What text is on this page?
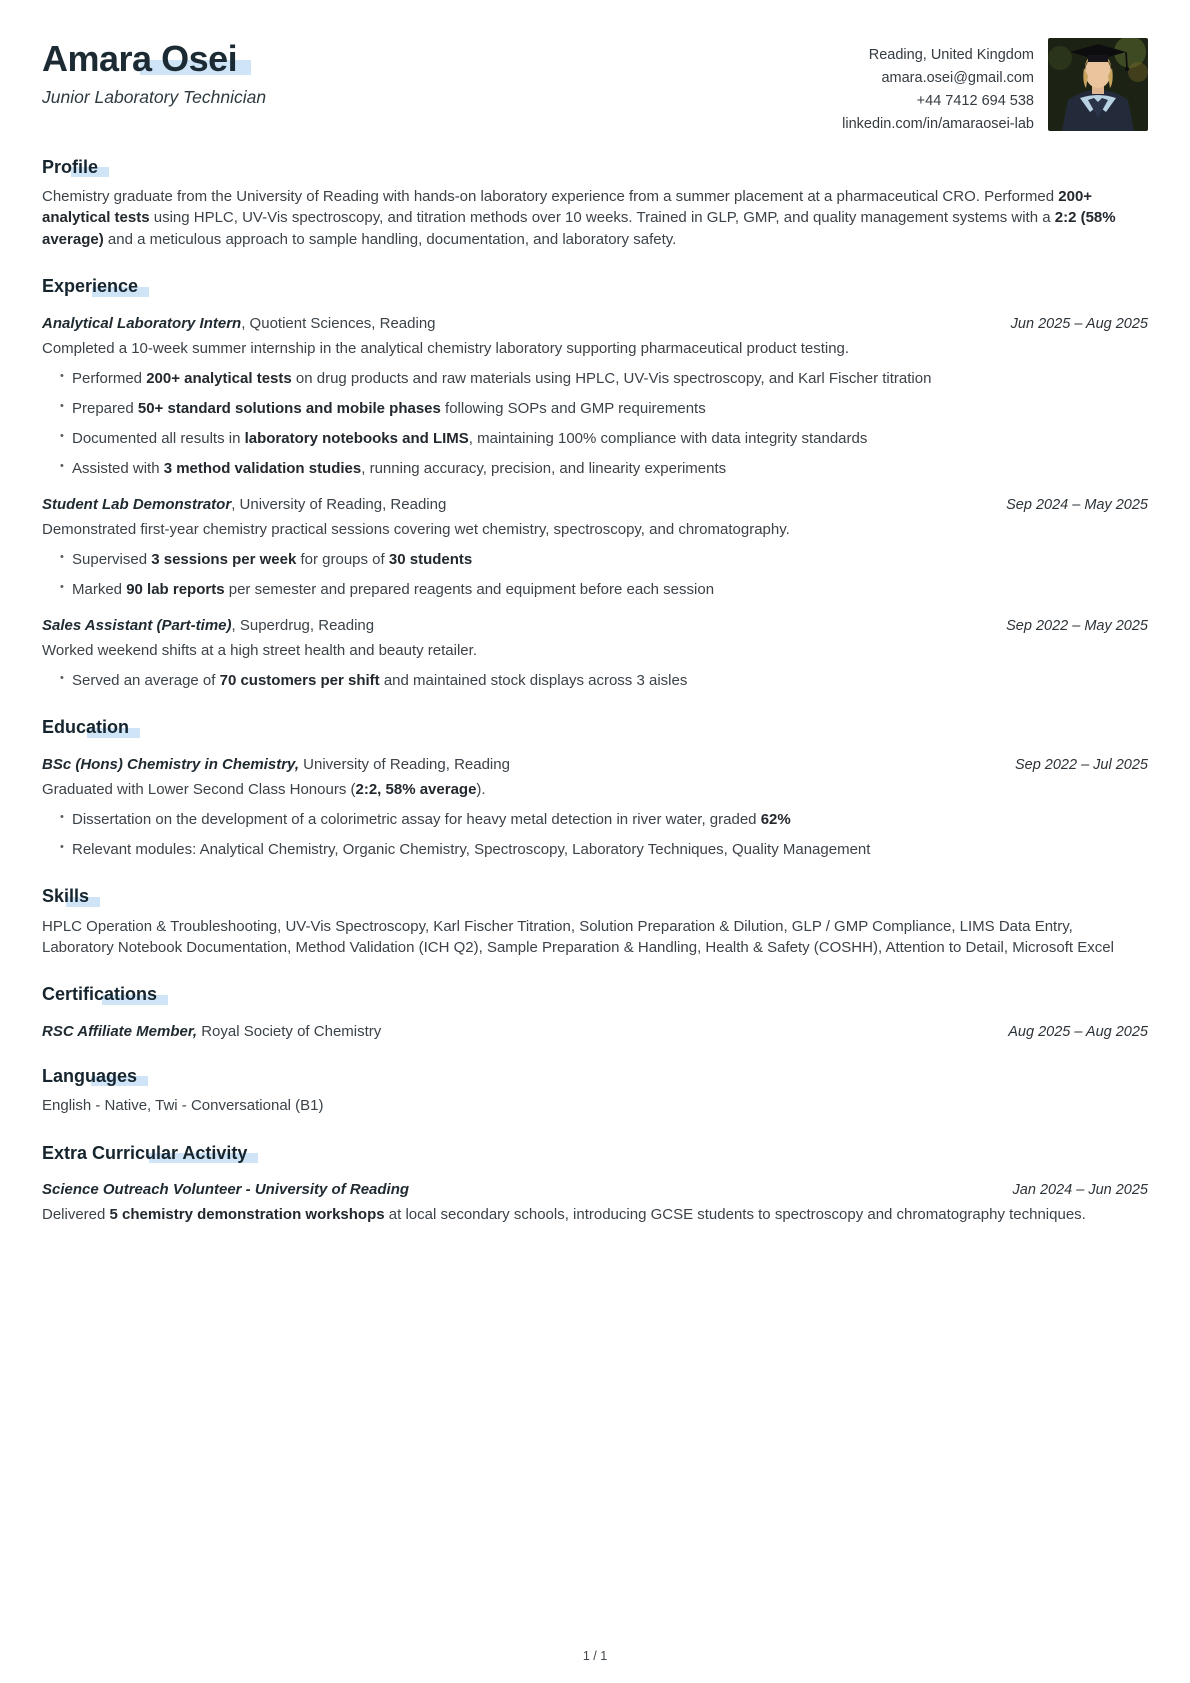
Amara Osei
Junior Laboratory Technician
Reading, United Kingdom
amara.osei@gmail.com
+44 7412 694 538
linkedin.com/in/amaraosei-lab
Profile

Chemistry graduate from the University of Reading with hands-on laboratory experience from a summer placement at a pharmaceutical CRO. Performed 200+ analytical tests using HPLC, UV-Vis spectroscopy, and titration methods over 10 weeks. Trained in GLP, GMP, and quality management systems with a 2:2 (58% average) and a meticulous approach to sample handling, documentation, and laboratory safety.

Experience
Analytical Laboratory Intern, Quotient Sciences, Reading	Jun 2025 – Aug 2025
Completed a 10-week summer internship in the analytical chemistry laboratory supporting pharmaceutical product testing.
• Performed 200+ analytical tests on drug products and raw materials using HPLC, UV-Vis spectroscopy, and Karl Fischer titration
• Prepared 50+ standard solutions and mobile phases following SOPs and GMP requirements
• Documented all results in laboratory notebooks and LIMS, maintaining 100% compliance with data integrity standards
• Assisted with 3 method validation studies, running accuracy, precision, and linearity experiments
Student Lab Demonstrator, University of Reading, Reading	Sep 2024 – May 2025
Demonstrated first-year chemistry practical sessions covering wet chemistry, spectroscopy, and chromatography.
• Supervised 3 sessions per week for groups of 30 students
• Marked 90 lab reports per semester and prepared reagents and equipment before each session
Sales Assistant (Part-time), Superdrug, Reading	Sep 2022 – May 2025
Worked weekend shifts at a high street health and beauty retailer.
• Served an average of 70 customers per shift and maintained stock displays across 3 aisles
Education
BSc (Hons) Chemistry in Chemistry, University of Reading, Reading	Sep 2022 – Jul 2025
Graduated with Lower Second Class Honours (2:2, 58% average).
• Dissertation on the development of a colorimetric assay for heavy metal detection in river water, graded 62%
• Relevant modules: Analytical Chemistry, Organic Chemistry, Spectroscopy, Laboratory Techniques, Quality Management
Skills

HPLC Operation & Troubleshooting, UV-Vis Spectroscopy, Karl Fischer Titration, Solution Preparation & Dilution, GLP / GMP Compliance, LIMS Data Entry, Laboratory Notebook Documentation, Method Validation (ICH Q2), Sample Preparation & Handling, Health & Safety (COSHH), Attention to Detail, Microsoft Excel

Certifications
RSC Affiliate Member, Royal Society of Chemistry	Aug 2025 – Aug 2025
Languages

English - Native, Twi - Conversational (B1)

Extra Curricular Activity
Science Outreach Volunteer - University of Reading	Jan 2024 – Jun 2025
Delivered 5 chemistry demonstration workshops at local secondary schools, introducing GCSE students to spectroscopy and chromatography techniques.
1 / 1
